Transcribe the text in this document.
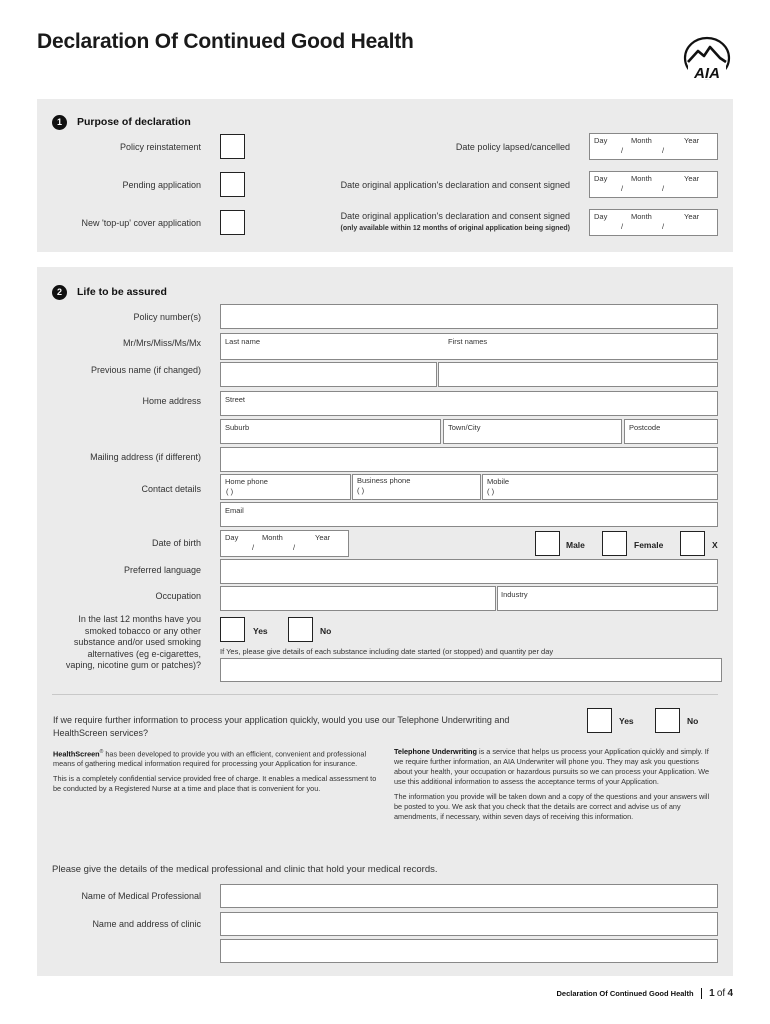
Declaration Of Continued Good Health
AIA
1	Purpose of declaration
Policy reinstatement	Date policy lapsed/cancelled
Day	Month	Year
/	/
Pending application	Date original application's declaration and consent signed
Day	Month	Year
/	/
New 'top-up' cover application
Date original application's declaration and consent signed
(only available within 12 months of original application being signed)
Day	Month	Year
/	/
2	Life to be assured
Policy number(s)
Mr/Mrs/Miss/Ms/Mx	Last name	First names
Previous name (if changed)
Home address	Street
Suburb	Town/City	Postcode
Mailing address (if different)
Contact details
Home phone
( )
Business phone
( )
Mobile
( )
Email
Date of birth
Day	Month	Year
/	/	Male	Female	X
Preferred language
Occupation	Industry
In the last 12 months have you
smoked tobacco or any other
substance and/or used smoking
alternatives (eg e-cigarettes,
vaping, nicotine gum or patches)?
Yes	No
If Yes, please give details of each substance including date started (or stopped) and quantity per day
If we require further information to process your application quickly, would you use our Telephone Underwriting and
HealthScreen services?
Yes	No

HealthScreen® has been developed to provide you with an efficient, convenient and professional means of gathering medical information required for processing your Application for insurance.

This is a completely confidential service provided free of charge. It enables a medical assessment to be conducted by a Registered Nurse at a time and place that is convenient for you.

Telephone Underwriting is a service that helps us process your Application quickly and simply. If we require further information, an AIA Underwriter will phone you. They may ask you questions about your health, your occupation or hazardous pursuits so we can process your Application. We use this additional information to assess the acceptance terms of your Application.

The information you provide will be taken down and a copy of the questions and your answers will be posted to you. We ask that you check that the details are correct and advise us of any amendments, if necessary, within seven days of receiving this information.

Please give the details of the medical professional and clinic that hold your medical records.
Name of Medical Professional
Name and address of clinic
Declaration Of Continued Good Health 1 of 4
